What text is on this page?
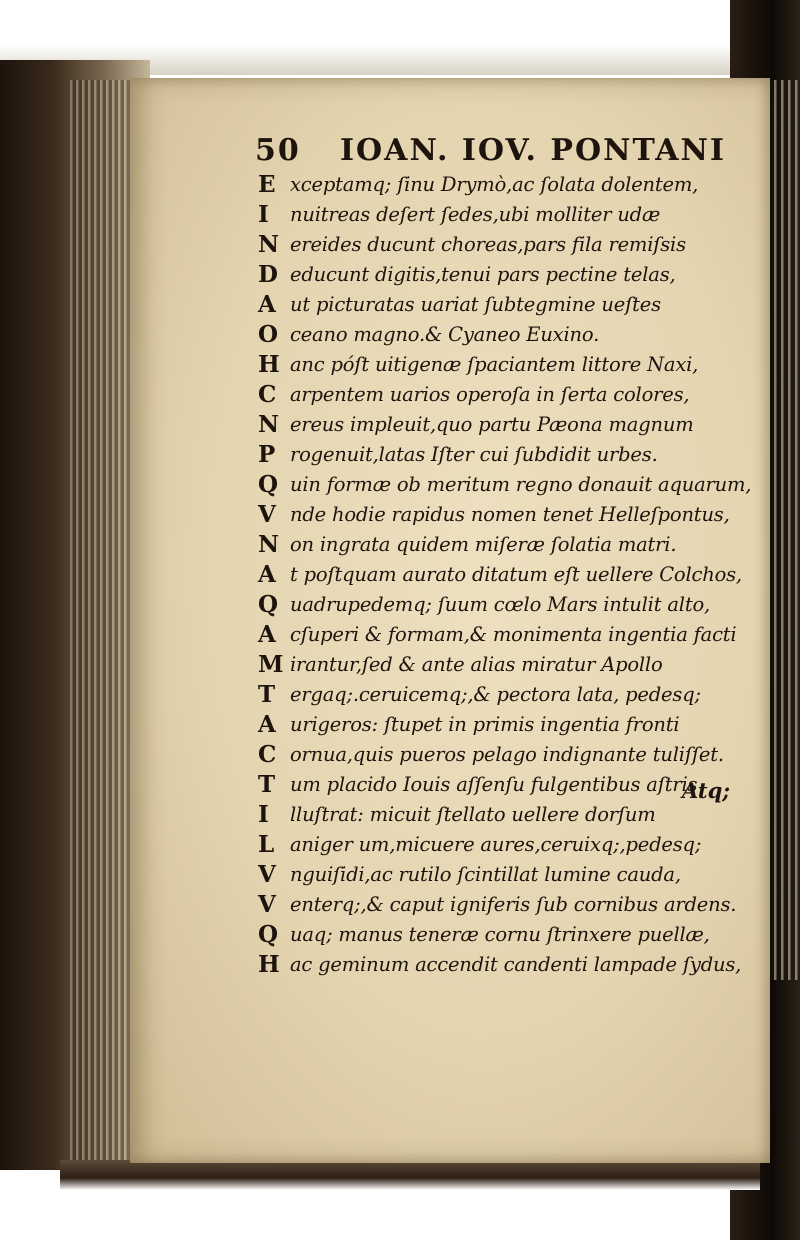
50 IOAN. IOV. PONTANI
E xceptamq; ſinu Drymò,ac ſolata dolentem,
I nuitreas deſert ſedes,ubi molliter udæ
N ereides ducunt choreas,pars fila remiſsis
D educunt digitis,tenui pars pectine telas,
A ut picturatas uariat ſubtegmine ueſtes
O ceano magno.& Cyaneo Euxino.
H anc póſt uitigenæ ſpaciantem littore Naxi,
C arpentem uarios operoſa in ſerta colores,
N ereus impleuit,quo partu Pæona magnum
P rogenuit,latas Iſter cui ſubdidit urbes.
Q uin formæ ob meritum regno donauit aquarum,
V nde hodie rapidus nomen tenet Helleſpontus,
N on ingrata quidem miſeræ ſolatia matri.
A t poſtquam aurato ditatum eſt uellere Colchos,
Q uadrupedemq; ſuum cœlo Mars intulit alto,
A cſuperi & formam,& monimenta ingentia facti
M irantur,ſed & ante alias miratur Apollo
T ergaq;.ceruicemq;,& pectora lata, pedesq;
A urigeros: ſtupet in primis ingentia fronti
C ornua,quis pueros pelago indignante tuliſſet.
T um placido Iouis aſſenſu fulgentibus aſtris
I lluſtrat: micuit ſtellato uellere dorſum
L aniger um,micuere aures,ceruixq;,pedesq;
V nguiſidi,ac rutilo ſcintillat lumine cauda,
V enterq;,& caput igniferis ſub cornibus ardens.
Q uaq; manus teneræ cornu ſtrinxere puellæ,
H ac geminum accendit candenti lampade ſydus,
Atq;
